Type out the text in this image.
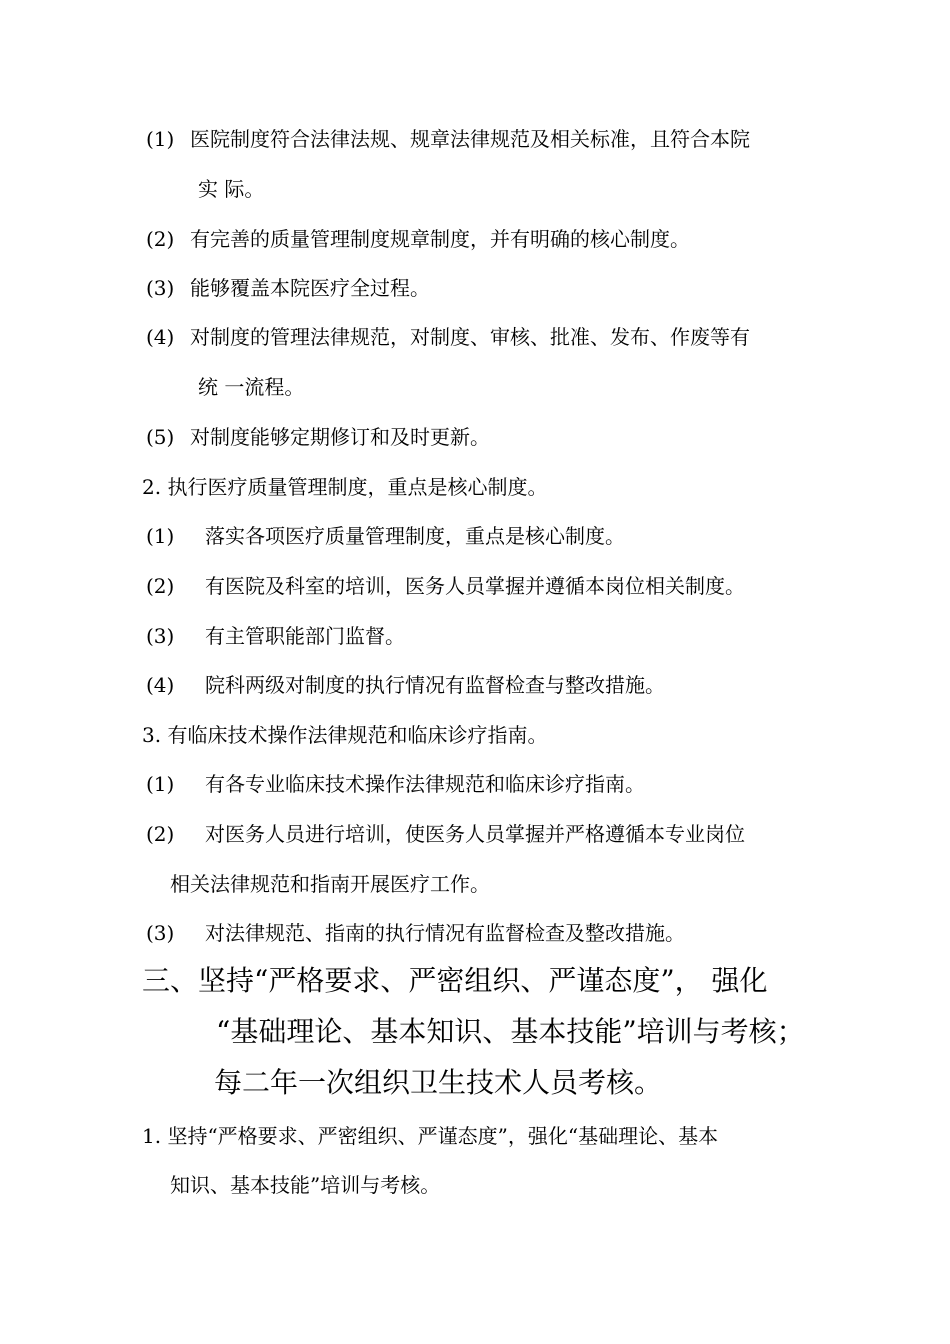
(1) 医院制度符合法律法规、规章法律规范及相关标准，且符合本院
实 际。
(2) 有完善的质量管理制度规章制度，并有明确的核心制度。
(3) 能够覆盖本院医疗全过程。
(4) 对制度的管理法律规范，对制度、审核、批准、发布、作废等有
统 一流程。
(5) 对制度能够定期修订和及时更新。
2. 执行医疗质量管理制度，重点是核心制度。
(1) 落实各项医疗质量管理制度，重点是核心制度。
(2) 有医院及科室的培训，医务人员掌握并遵循本岗位相关制度。
(3) 有主管职能部门监督。
(4) 院科两级对制度的执行情况有监督检查与整改措施。
3. 有临床技术操作法律规范和临床诊疗指南。
(1) 有各专业临床技术操作法律规范和临床诊疗指南。
(2) 对医务人员进行培训，使医务人员掌握并严格遵循本专业岗位
相关法律规范和指南开展医疗工作。
(3) 对法律规范、指南的执行情况有监督检查及整改措施。
三、坚持“严格要求、严密组织、严谨态度”， 强化
“基础理论、基本知识、基本技能”培训与考核；
每二年一次组织卫生技术人员考核。
1. 坚持“严格要求、严密组织、严谨态度”，强化“基础理论、基本
知识、基本技能”培训与考核。
